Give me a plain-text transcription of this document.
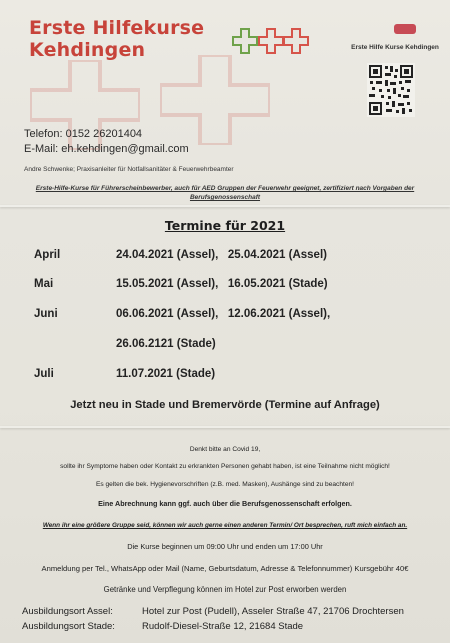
Erste Hilfekurse
Kehdingen	Erste Hilfe Kurse Kehdingen
Telefon: 0152 26201404
E-Mail: eh.kehdingen@gmail.com
Andre Schwenke; Praxisanleiter für Notfallsanitäter & Feuerwehrbeamter
Erste-Hilfe-Kurse für Führerscheinbewerber, auch für AED Gruppen der Feuerwehr geeignet, zertifiziert nach Vorgaben der Berufsgenossenschaft
Termine für 2021
April	24.04.2021 (Assel),   25.04.2021 (Assel)
Mai	15.05.2021 (Assel),   16.05.2021 (Stade)
Juni	06.06.2021 (Assel),   12.06.2021 (Assel),
26.06.2121 (Stade)
Juli	11.07.2021 (Stade)
Jetzt neu in Stade und Bremervörde (Termine auf Anfrage)
Denkt bitte an Covid 19,
sollte ihr Symptome haben oder Kontakt zu erkrankten Personen gehabt haben, ist eine Teilnahme nicht möglich!
Es gelten die bek. Hygienevorschriften (z.B. med. Masken), Aushänge sind zu beachten!
Eine Abrechnung kann ggf. auch über die Berufsgenossenschaft erfolgen.
Wenn ihr eine größere Gruppe seid, können wir auch gerne einen anderen Termin/ Ort besprechen, ruft mich einfach an.
Die Kurse beginnen um 09:00 Uhr und enden um 17:00 Uhr
Anmeldung per Tel., WhatsApp oder Mail (Name, Geburtsdatum, Adresse & Telefonnummer) Kursgebühr 40€
Getränke und Verpflegung können im Hotel zur Post erworben werden
Ausbildungsort Assel:	Hotel zur Post (Pudell), Asseler Straße 47, 21706 Drochtersen
Ausbildungsort Stade:	Rudolf-Diesel-Straße 12, 21684 Stade
